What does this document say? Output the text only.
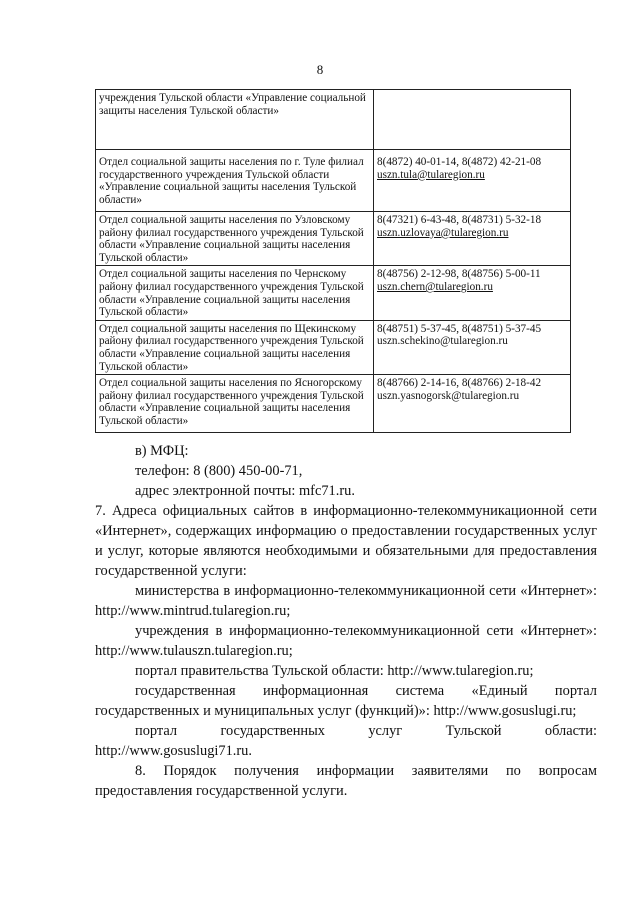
8
учреждения Тульской области «Управление социальной защиты населения Тульской области»	
Отдел социальной защиты населения по г. Туле филиал государственного учреждения Тульской области «Управление социальной защиты населения Тульской области»	8(4872) 40-01-14, 8(4872) 42-21-08
uszn.tula@tularegion.ru

Отдел социальной защиты населения по Узловскому району филиал государственного учреждения Тульской области «Управление социальной защиты населения Тульской области»	8(47321) 6-43-48, 8(48731) 5-32-18
uszn.uzlovaya@tularegion.ru

Отдел социальной защиты населения по Чернскому району филиал государственного учреждения Тульской области «Управление социальной защиты населения Тульской области»	8(48756) 2-12-98, 8(48756) 5-00-11
uszn.chern@tularegion.ru

Отдел социальной защиты населения по Щекинскому району филиал государственного учреждения Тульской области «Управление социальной защиты населения Тульской области»	8(48751) 5-37-45, 8(48751) 5-37-45
uszn.schekino@tularegion.ru

Отдел социальной защиты населения по Ясногорскому району филиал государственного учреждения Тульской области «Управление социальной защиты населения Тульской области»	8(48766) 2-14-16, 8(48766) 2-18-42
uszn.yasnogorsk@tularegion.ru

в) МФЦ:

телефон: 8 (800) 450-00-71,

адрес электронной почты: mfc71.ru.

7. Адреса официальных сайтов в информационно-телекоммуникационной сети «Интернет», содержащих информацию о предоставлении государственных услуг и услуг, которые являются необходимыми и обязательными для предоставления государственной услуги:

министерства в информационно-телекоммуникационной сети «Интернет»: http://www.mintrud.tularegion.ru;

учреждения в информационно-телекоммуникационной сети «Интернет»: http://www.tulauszn.tularegion.ru;

портал правительства Тульской области: http://www.tularegion.ru;

государственная информационная система «Единый портал государственных и муниципальных услуг (функций)»: http://www.gosuslugi.ru;

портал государственных услуг Тульской области: http://www.gosuslugi71.ru.

8. Порядок получения информации заявителями по вопросам предоставления государственной услуги.
